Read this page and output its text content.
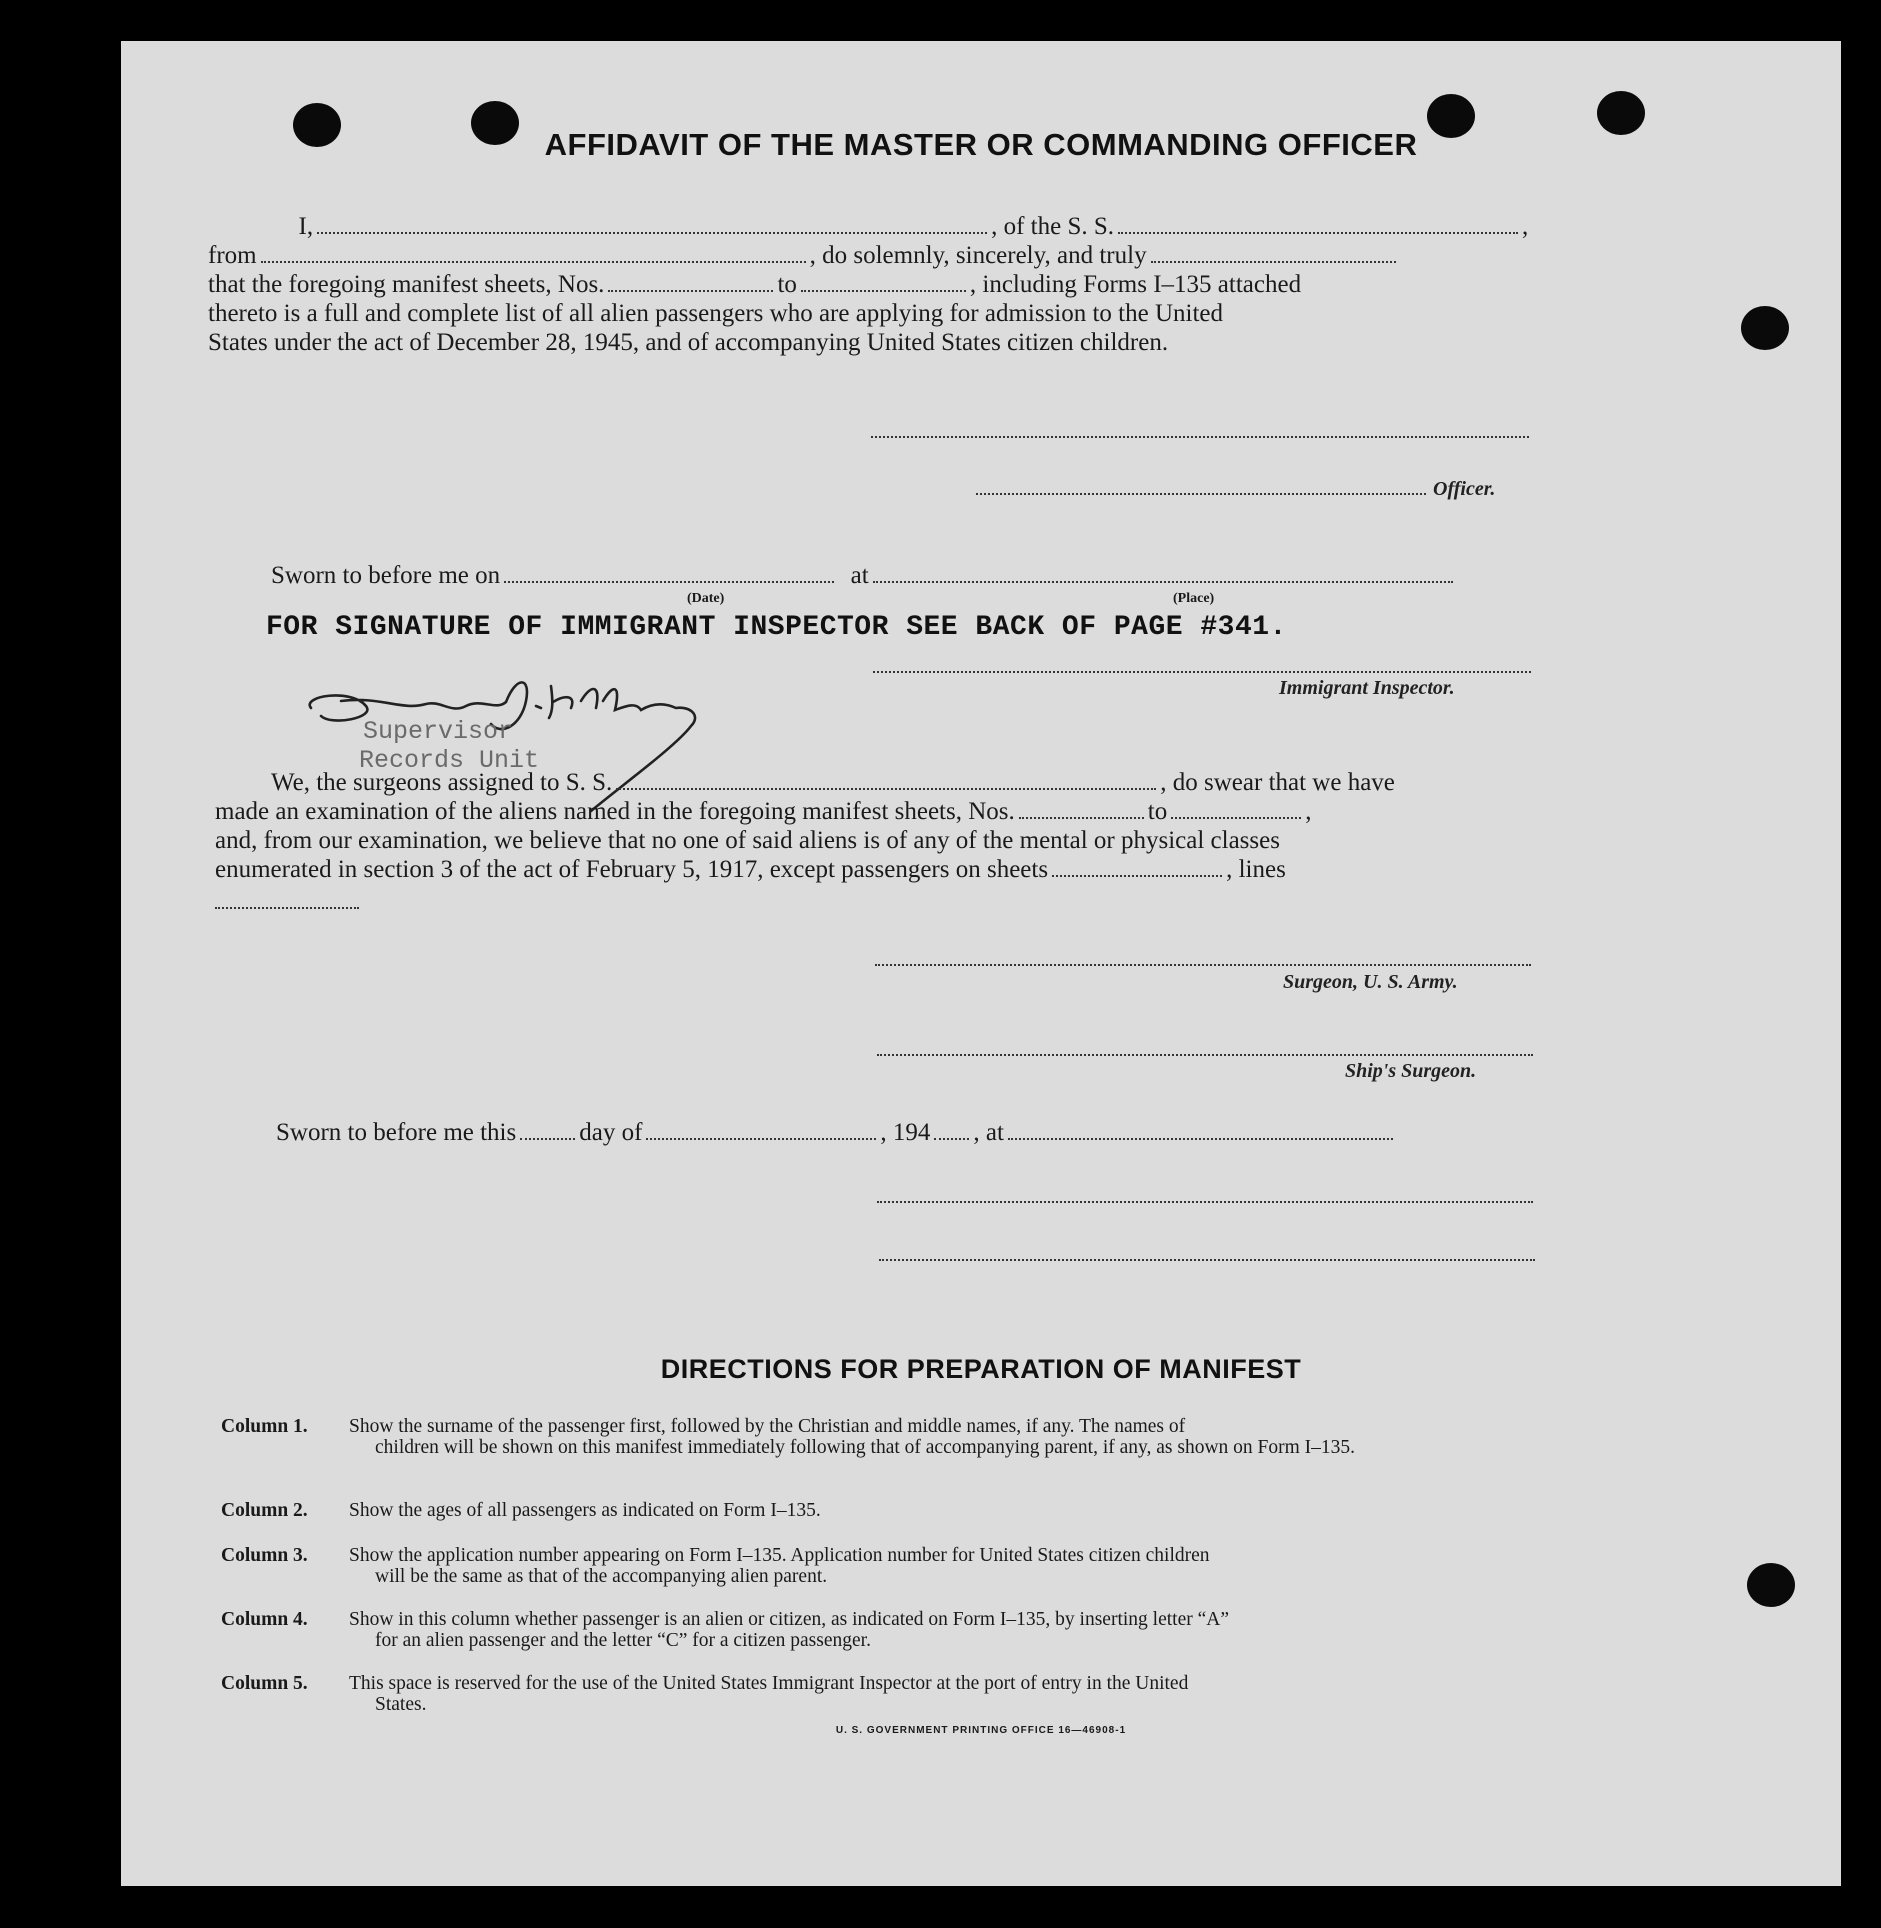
AFFIDAVIT OF THE MASTER OR COMMANDING OFFICER
I,	, of the S. S.	,
from	, do solemnly, sincerely, and truly
that the foregoing manifest sheets, Nos.	to	, including Forms I–135 attached
thereto is a full and complete list of all alien passengers who are applying for admission to the United
States under the act of December 28, 1945, and of accompanying United States citizen children.
Officer.
Sworn to before me on	at
(Date)	(Place)
FOR SIGNATURE OF IMMIGRANT INSPECTOR SEE BACK OF PAGE #341.
Immigrant Inspector.
Supervisor
Records Unit
We, the surgeons assigned to S. S.	, do swear that we have
made an examination of the aliens named in the foregoing manifest sheets, Nos.	to	,
and, from our examination, we believe that no one of said aliens is of any of the mental or physical classes
enumerated in section 3 of the act of February 5, 1917, except passengers on sheets	, lines
Surgeon, U. S. Army.
Ship's Surgeon.
Sworn to before me this	day of	, 194 , at
DIRECTIONS FOR PREPARATION OF MANIFEST
Column 1. Show the surname of the passenger first, followed by the Christian and middle names, if any. The names of
children will be shown on this manifest immediately following that of accompanying parent, if any, as shown on Form I–135.
Column 2. Show the ages of all passengers as indicated on Form I–135.
Column 3. Show the application number appearing on Form I–135. Application number for United States citizen children
will be the same as that of the accompanying alien parent.
Column 4. Show in this column whether passenger is an alien or citizen, as indicated on Form I–135, by inserting letter “A”
for an alien passenger and the letter “C” for a citizen passenger.
Column 5. This space is reserved for the use of the United States Immigrant Inspector at the port of entry in the United
States.
U. S. GOVERNMENT PRINTING OFFICE 16—46908-1
